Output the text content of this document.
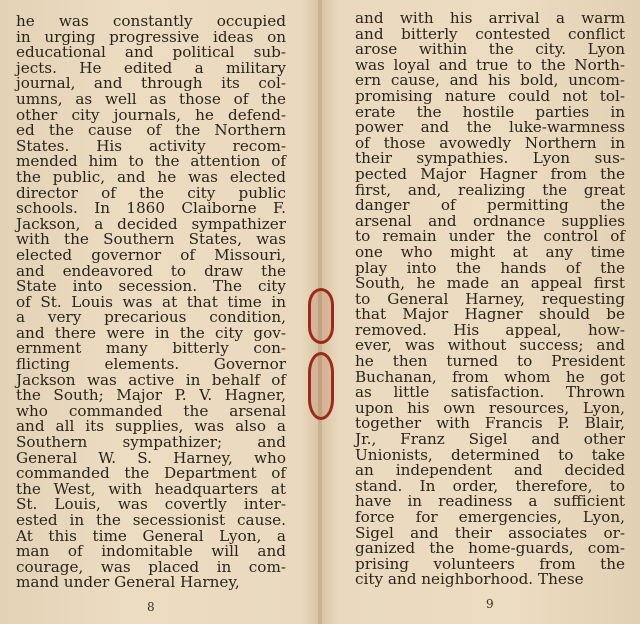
he was constantly occupied
in urging progressive ideas on
educational and political sub-
jects. He edited a military
journal, and through its col-
umns, as well as those of the
other city journals, he defend-
ed the cause of the Northern
States. His activity recom-
mended him to the attention of
the public, and he was elected
director of the city public
schools. In 1860 Claiborne F.
Jackson, a decided sympathizer
with the Southern States, was
elected governor of Missouri,
and endeavored to draw the
State into secession. The city
of St. Louis was at that time in
a very precarious condition,
and there were in the city gov-
ernment many bitterly con-
flicting elements. Governor
Jackson was active in behalf of
the South; Major P. V. Hagner,
who commanded the arsenal
and all its supplies, was also a
Southern sympathizer; and
General W. S. Harney, who
commanded the Department of
the West, with headquarters at
St. Louis, was covertly inter-
ested in the secessionist cause.
At this time General Lyon, a
man of indomitable will and
courage, was placed in com-
mand under General Harney,
8
and with his arrival a warm
and bitterly contested conflict
arose within the city. Lyon
was loyal and true to the North-
ern cause, and his bold, uncom-
promising nature could not tol-
erate the hostile parties in
power and the luke-warmness
of those avowedly Northern in
their sympathies. Lyon sus-
pected Major Hagner from the
first, and, realizing the great
danger of permitting the
arsenal and ordnance supplies
to remain under the control of
one who might at any time
play into the hands of the
South, he made an appeal first
to General Harney, requesting
that Major Hagner should be
removed. His appeal, how-
ever, was without success; and
he then turned to President
Buchanan, from whom he got
as little satisfaction. Thrown
upon his own resources, Lyon,
together with Francis P. Blair,
Jr., Franz Sigel and other
Unionists, determined to take
an independent and decided
stand. In order, therefore, to
have in readiness a sufficient
force for emergencies, Lyon,
Sigel and their associates or-
ganized the home-guards, com-
prising volunteers from the
city and neighborhood. These
9
